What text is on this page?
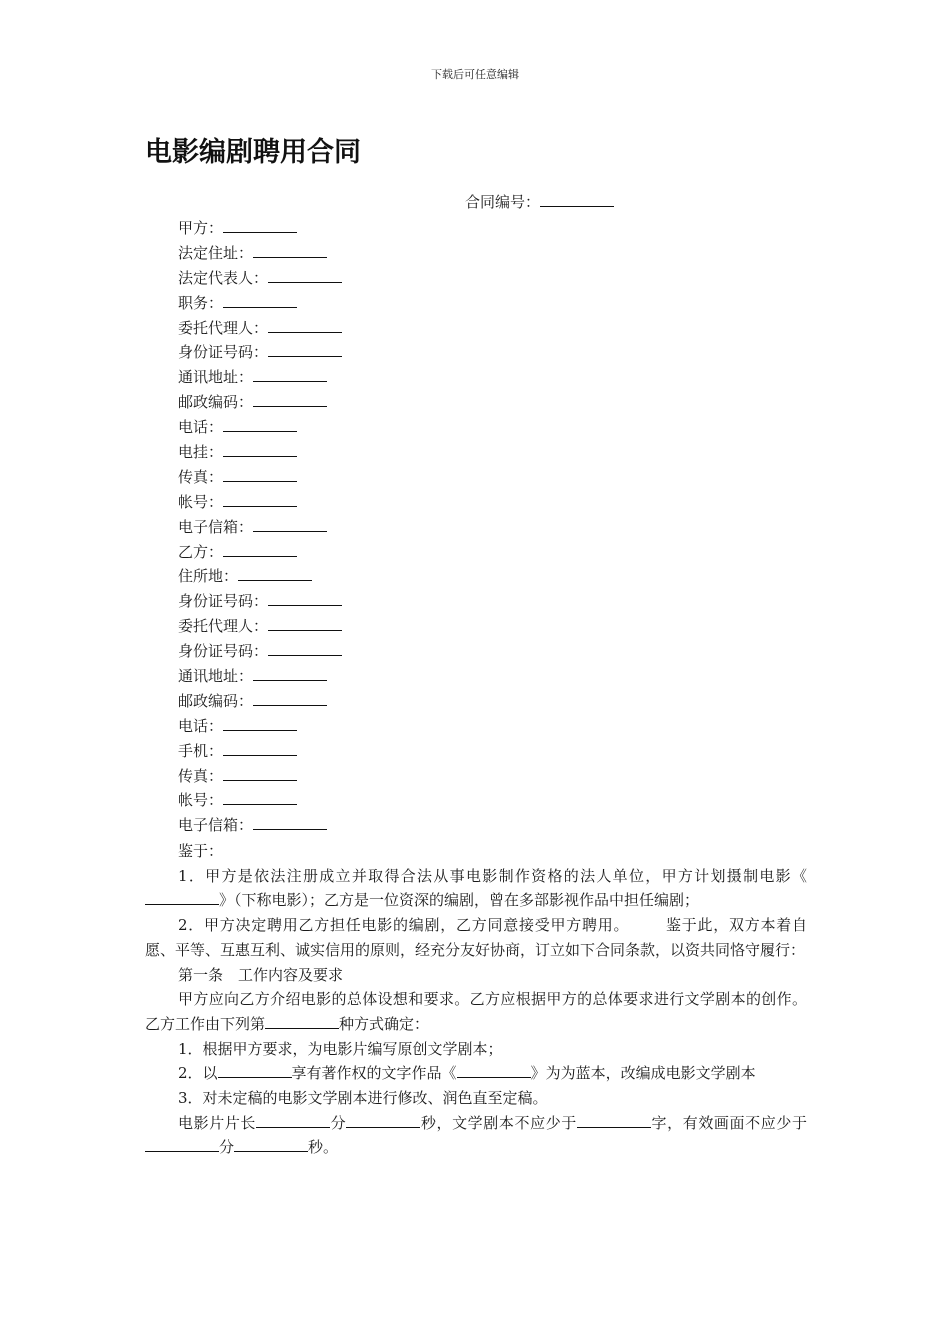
下载后可任意编辑
电影编剧聘用合同
合同编号：
甲方：
法定住址：
法定代表人：
职务：
委托代理人：
身份证号码：
通讯地址：
邮政编码：
电话：
电挂：
传真：
帐号：
电子信箱：
乙方：
住所地：
身份证号码：
委托代理人：
身份证号码：
通讯地址：
邮政编码：
电话：
手机：
传真：
帐号：
电子信箱：

鉴于：

1．甲方是依法注册成立并取得合法从事电影制作资格的法人单位，甲方计划摄制电影《》（下称电影）；乙方是一位资深的编剧，曾在多部影视作品中担任编剧；

2．甲方决定聘用乙方担任电影的编剧，乙方同意接受甲方聘用。 鉴于此，双方本着自愿、平等、互惠互利、诚实信用的原则，经充分友好协商，订立如下合同条款，以资共同恪守履行：

第一条　工作内容及要求

甲方应向乙方介绍电影的总体设想和要求。乙方应根据甲方的总体要求进行文学剧本的创作。乙方工作由下列第	种方式确定：

1．根据甲方要求，为电影片编写原创文学剧本；

2．以	享有著作权的文字作品《	》为为蓝本，改编成电影文学剧本

3．对未定稿的电影文学剧本进行修改、润色直至定稿。

电影片片长	分	秒，文学剧本不应少于	字，有效画面不应少于分	秒。
